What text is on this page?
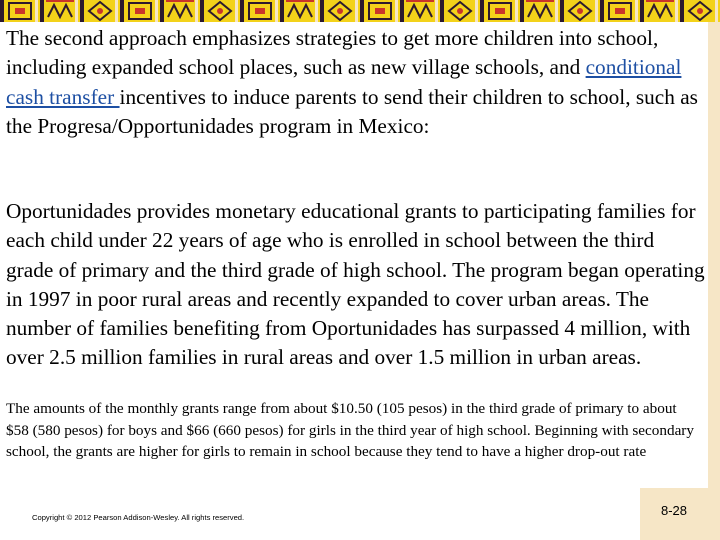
The second approach emphasizes strategies to get more children into school, including expanded school places, such as new village schools, and conditional cash transfer incentives to induce parents to send their children to school, such as the Progresa/Opportunidades program in Mexico:
Oportunidades provides monetary educational grants to participating families for each child under 22 years of age who is enrolled in school between the third grade of primary and the third grade of high school. The program began operating in 1997 in poor rural areas and recently expanded to cover urban areas. The number of families benefiting from Oportunidades has surpassed 4 million, with over 2.5 million families in rural areas and over 1.5 million in urban areas.
The amounts of the monthly grants range from about $10.50 (105 pesos) in the third grade of primary to about $58 (580 pesos) for boys and $66 (660 pesos) for girls in the third year of high school. Beginning with secondary school, the grants are higher for girls to remain in school because they tend to have a higher drop-out rate
Copyright © 2012 Pearson Addison-Wesley. All rights reserved.	8-28
